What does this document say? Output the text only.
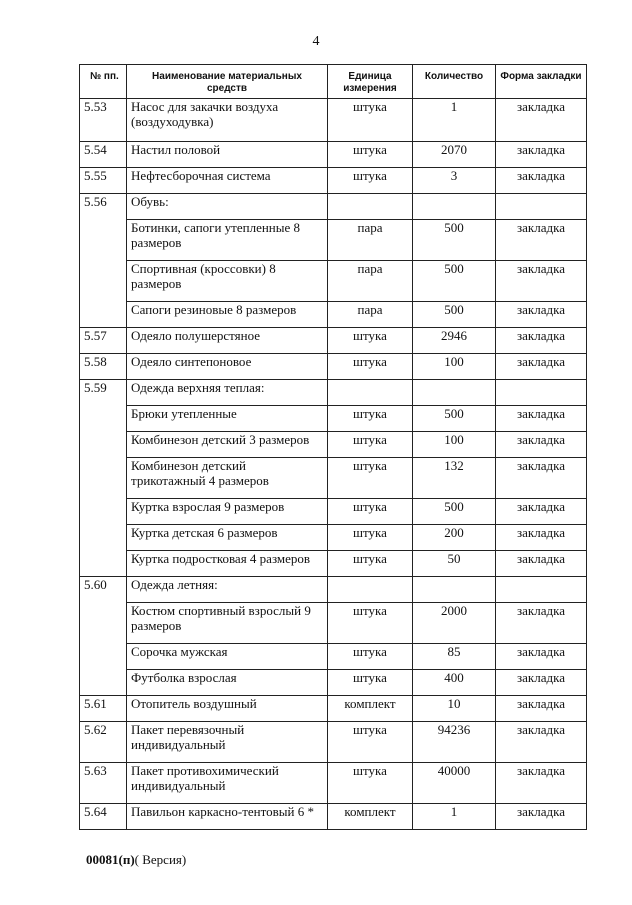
4
№ пп.	Наименование материальных средств	Единица измерения	Количество	Форма закладки
5.53	Насос для закачки воздуха (воздуходувка)	штука	1	закладка
5.54	Настил половой	штука	2070	закладка
5.55	Нефтесборочная система	штука	3	закладка
5.56	Обувь:			
	Ботинки, сапоги утепленные 8 размеров	пара	500	закладка
	Спортивная (кроссовки) 8 размеров	пара	500	закладка
	Сапоги резиновые 8 размеров	пара	500	закладка
5.57	Одеяло полушерстяное	штука	2946	закладка
5.58	Одеяло синтепоновое	штука	100	закладка
5.59	Одежда верхняя теплая:			
	Брюки утепленные	штука	500	закладка
	Комбинезон детский 3 размеров	штука	100	закладка
	Комбинезон детский трикотажный 4 размеров	штука	132	закладка
	Куртка взрослая 9 размеров	штука	500	закладка
	Куртка детская 6 размеров	штука	200	закладка
	Куртка подростковая 4 размеров	штука	50	закладка
5.60	Одежда летняя:			
	Костюм спортивный взрослый 9 размеров	штука	2000	закладка
	Сорочка мужская	штука	85	закладка
	Футболка взрослая	штука	400	закладка
5.61	Отопитель воздушный	комплект	10	закладка
5.62	Пакет перевязочный индивидуальный	штука	94236	закладка
5.63	Пакет противохимический индивидуальный	штука	40000	закладка
5.64	Павильон каркасно-тентовый 6 *	комплект	1	закладка
00081(п)( Версия)
